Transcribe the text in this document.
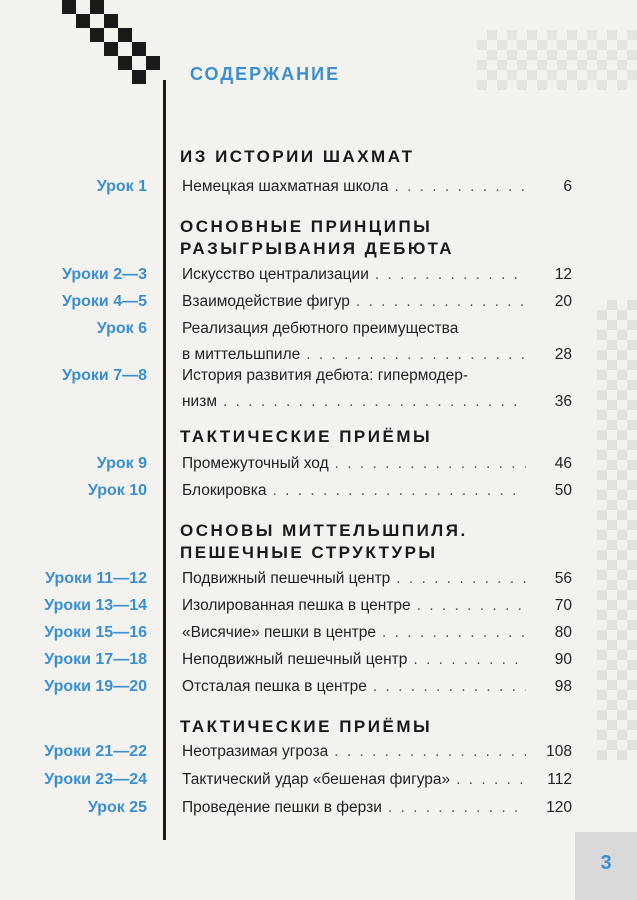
СОДЕРЖАНИЕ
ИЗ ИСТОРИИ ШАХМАТ
Урок 1 Немецкая шахматная школа . . .	6
ОСНОВНЫЕ ПРИНЦИПЫ
РАЗЫГРЫВАНИЯ ДЕБЮТА
Уроки 2—3 Искусство централизации . . .	12
Уроки 4—5 Взаимодействие фигур . . .	20
Урок 6 Реализация дебютного преимущества
в миттельшпиле . . .	28
Уроки 7—8 История развития дебюта: гипермодер-
низм . . .	36
ТАКТИЧЕСКИЕ ПРИЁМЫ
Урок 9 Промежуточный ход . . .	46
Урок 10 Блокировка . . .	50
ОСНОВЫ МИТТЕЛЬШПИЛЯ.
ПЕШЕЧНЫЕ СТРУКТУРЫ
Уроки 11—12 Подвижный пешечный центр . . .	56
Уроки 13—14 Изолированная пешка в центре . . .	70
Уроки 15—16 «Висячие» пешки в центре . . .	80
Уроки 17—18 Неподвижный пешечный центр . . .	90
Уроки 19—20 Отсталая пешка в центре . . .	98
ТАКТИЧЕСКИЕ ПРИЁМЫ
Уроки 21—22 Неотразимая угроза . . .	108
Уроки 23—24 Тактический удар «бешеная фигура» . . .	112
Урок 25 Проведение пешки в ферзи . . .	120
3
